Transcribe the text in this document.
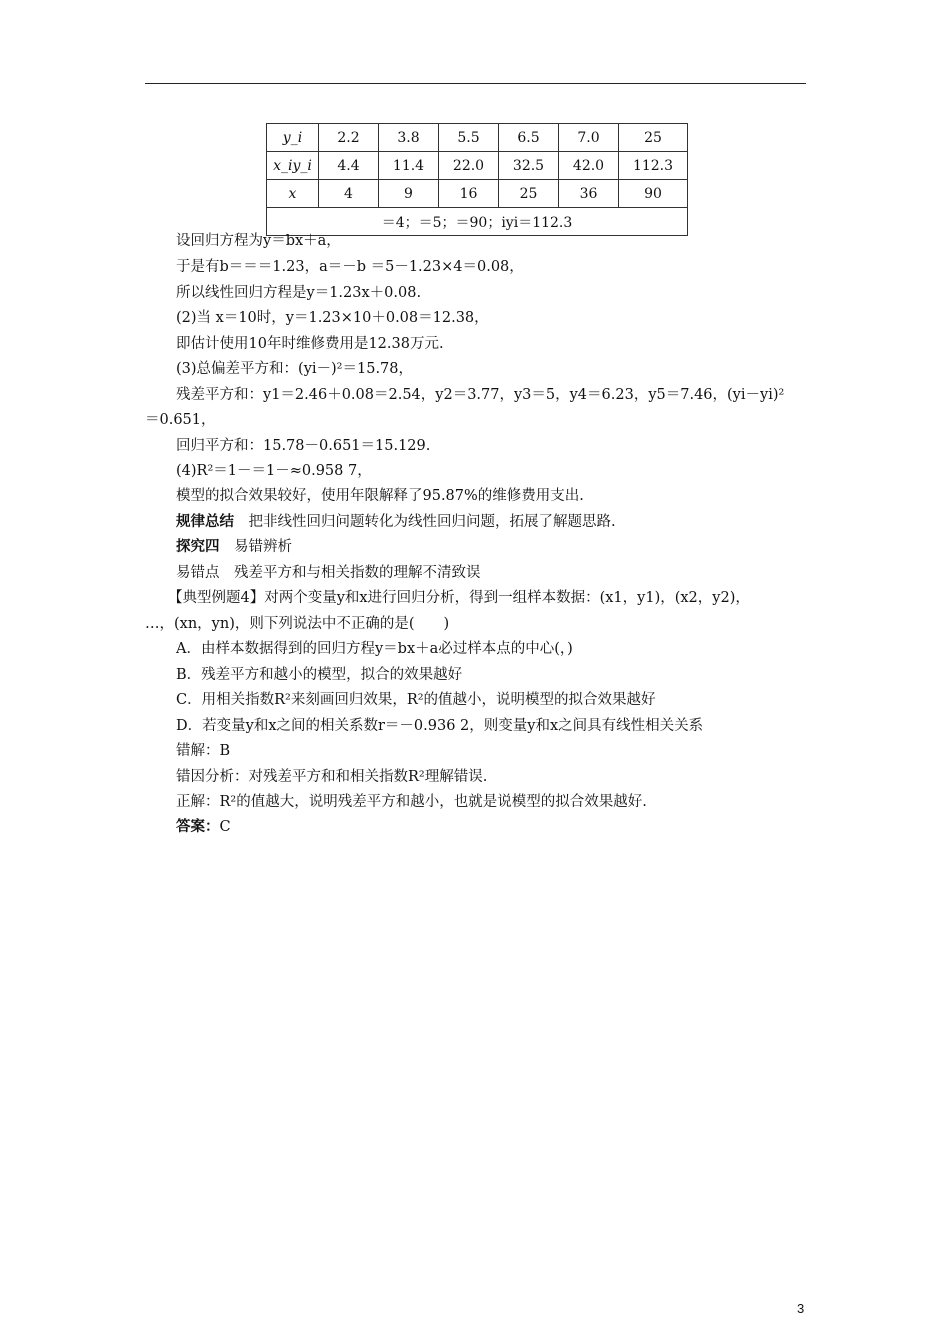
y_i	2.2	3.8	5.5	6.5	7.0	25
x_iy_i	4.4	11.4	22.0	32.5	42.0	112.3
x	4	9	16	25	36	90
＝4；＝5；＝90；iyi＝112.3						
设回归方程为y＝bx＋a，
于是有b＝＝＝1.23，a＝－b ＝5－1.23×4＝0.08，
所以线性回归方程是y＝1.23x＋0.08.
(2)当 x＝10时，y＝1.23×10＋0.08＝12.38，
即估计使用10年时维修费用是12.38万元.
(3)总偏差平方和：(yi－)²＝15.78，
残差平方和：y1＝2.46＋0.08＝2.54，y2＝3.77，y3＝5，y4＝6.23，y5＝7.46，(yi－yi)²
＝0.651，
回归平方和：15.78－0.651＝15.129.
(4)R²＝1－＝1－≈0.958 7，
模型的拟合效果较好，使用年限解释了95.87%的维修费用支出.
规律总结　 把非线性回归问题转化为线性回归问题，拓展了解题思路.
探究四　 易错辨析
易错点　残差平方和与相关指数的理解不清致误
【典型例题4】对两个变量y和x进行回归分析，得到一组样本数据：(x1，y1)，(x2，y2)，
…，(xn，yn)，则下列说法中不正确的是(　　)
A．由样本数据得到的回归方程y＝bx＋a必过样本点的中心(，)
B．残差平方和越小的模型，拟合的效果越好
C．用相关指数R²来刻画回归效果，R²的值越小，说明模型的拟合效果越好
D．若变量y和x之间的相关系数r＝－0.936 2，则变量y和x之间具有线性相关关系
错解：B
错因分析：对残差平方和和相关指数R²理解错误.
正解：R²的值越大，说明残差平方和越小，也就是说模型的拟合效果越好.
答案：C
3
